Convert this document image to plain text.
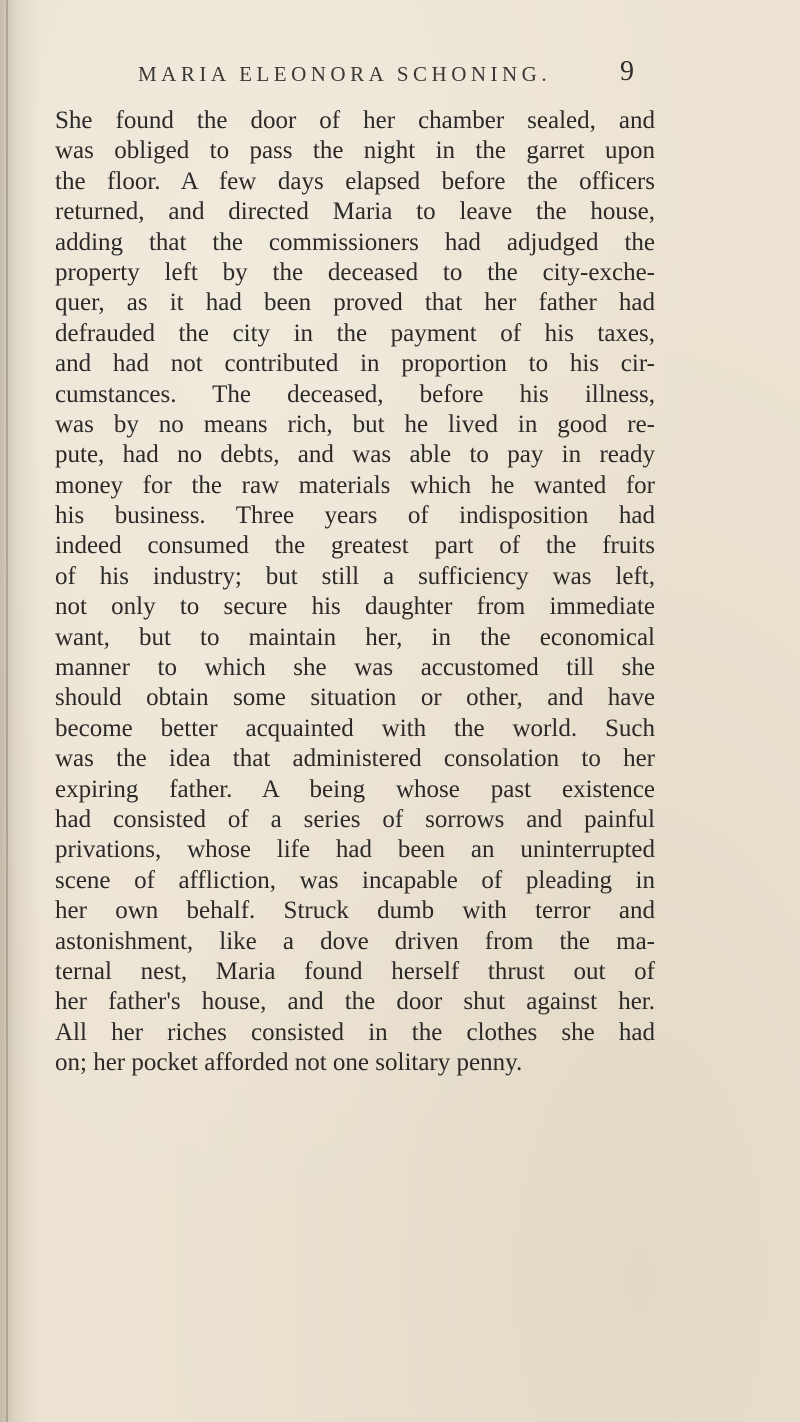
MARIA ELEONORA SCHONING.	9
She found the door of her chamber sealed, and
was obliged to pass the night in the garret upon
the floor. A few days elapsed before the officers
returned, and directed Maria to leave the house,
adding that the commissioners had adjudged the
property left by the deceased to the city-exche-
quer, as it had been proved that her father had
defrauded the city in the payment of his taxes,
and had not contributed in proportion to his cir-
cumstances. The deceased, before his illness,
was by no means rich, but he lived in good re-
pute, had no debts, and was able to pay in ready
money for the raw materials which he wanted for
his business. Three years of indisposition had
indeed consumed the greatest part of the fruits
of his industry; but still a sufficiency was left,
not only to secure his daughter from immediate
want, but to maintain her, in the economical
manner to which she was accustomed till she
should obtain some situation or other, and have
become better acquainted with the world. Such
was the idea that administered consolation to her
expiring father. A being whose past existence
had consisted of a series of sorrows and painful
privations, whose life had been an uninterrupted
scene of affliction, was incapable of pleading in
her own behalf. Struck dumb with terror and
astonishment, like a dove driven from the ma-
ternal nest, Maria found herself thrust out of
her father's house, and the door shut against her.
All her riches consisted in the clothes she had
on; her pocket afforded not one solitary penny.
